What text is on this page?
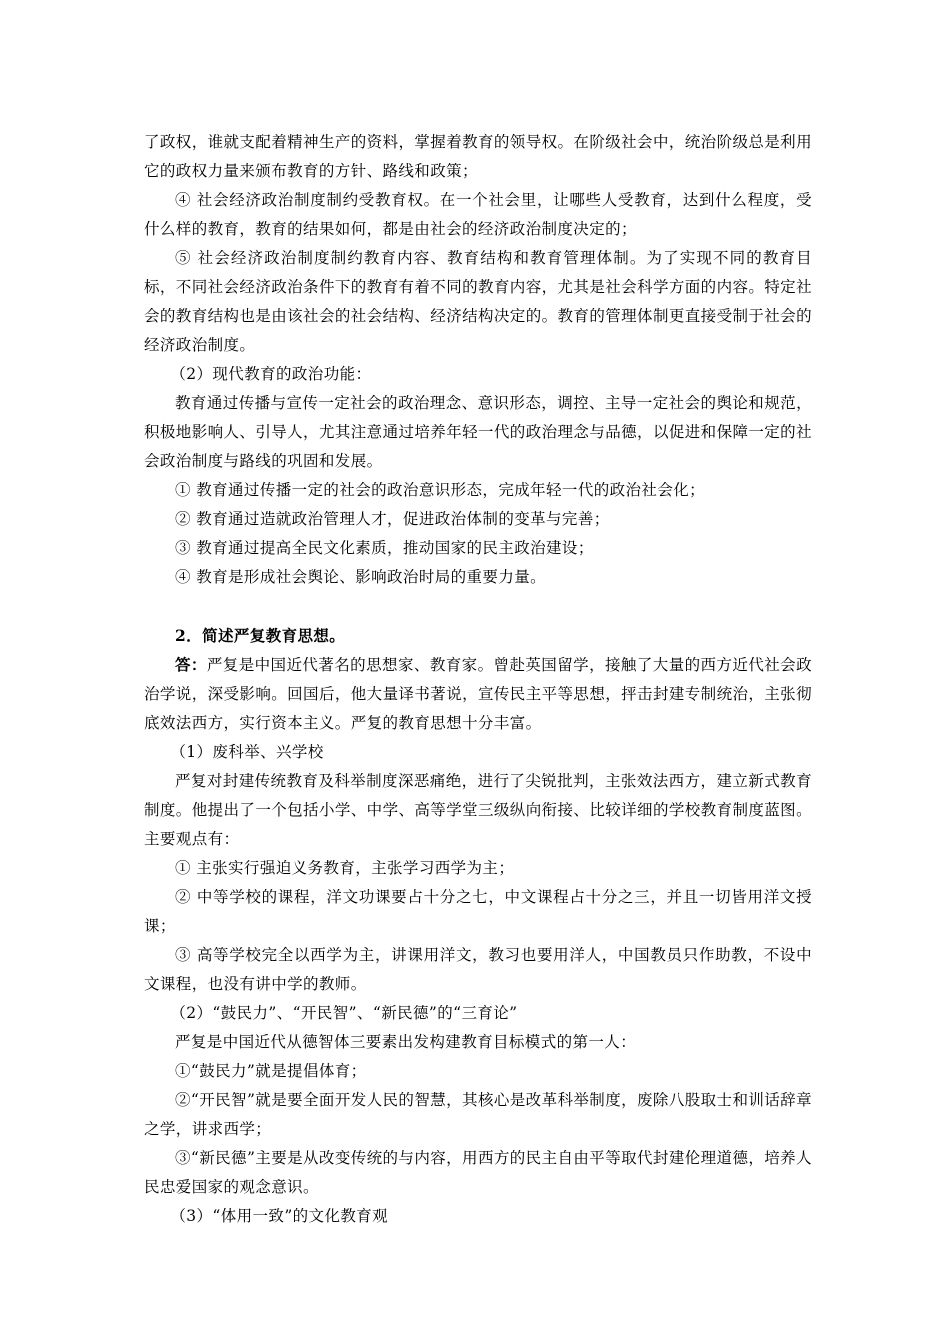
了政权，谁就支配着精神生产的资料，掌握着教育的领导权。在阶级社会中，统治阶级总是利用它的政权力量来颁布教育的方针、路线和政策；

④ 社会经济政治制度制约受教育权。在一个社会里，让哪些人受教育，达到什么程度，受什么样的教育，教育的结果如何，都是由社会的经济政治制度决定的；

⑤ 社会经济政治制度制约教育内容、教育结构和教育管理体制。为了实现不同的教育目标，不同社会经济政治条件下的教育有着不同的教育内容，尤其是社会科学方面的内容。特定社会的教育结构也是由该社会的社会结构、经济结构决定的。教育的管理体制更直接受制于社会的经济政治制度。

（2）现代教育的政治功能：

教育通过传播与宣传一定社会的政治理念、意识形态，调控、主导一定社会的舆论和规范，积极地影响人、引导人，尤其注意通过培养年轻一代的政治理念与品德，以促进和保障一定的社会政治制度与路线的巩固和发展。

① 教育通过传播一定的社会的政治意识形态，完成年轻一代的政治社会化；

② 教育通过造就政治管理人才，促进政治体制的变革与完善；

③ 教育通过提高全民文化素质，推动国家的民主政治建设；

④ 教育是形成社会舆论、影响政治时局的重要力量。

2．简述严复教育思想。

答：严复是中国近代著名的思想家、教育家。曾赴英国留学，接触了大量的西方近代社会政治学说，深受影响。回国后，他大量译书著说，宣传民主平等思想，抨击封建专制统治，主张彻底效法西方，实行资本主义。严复的教育思想十分丰富。

（1）废科举、兴学校

严复对封建传统教育及科举制度深恶痛绝，进行了尖锐批判，主张效法西方，建立新式教育制度。他提出了一个包括小学、中学、高等学堂三级纵向衔接、比较详细的学校教育制度蓝图。主要观点有：

① 主张实行强迫义务教育，主张学习西学为主；

② 中等学校的课程，洋文功课要占十分之七，中文课程占十分之三，并且一切皆用洋文授课；

③ 高等学校完全以西学为主，讲课用洋文，教习也要用洋人，中国教员只作助教，不设中文课程，也没有讲中学的教师。

（2）“鼓民力”、“开民智”、“新民德”的“三育论”

严复是中国近代从德智体三要素出发构建教育目标模式的第一人：

①“鼓民力”就是提倡体育；

②“开民智”就是要全面开发人民的智慧，其核心是改革科举制度，废除八股取士和训话辞章之学，讲求西学；

③“新民德”主要是从改变传统的与内容，用西方的民主自由平等取代封建伦理道德，培养人民忠爱国家的观念意识。

（3）“体用一致”的文化教育观
